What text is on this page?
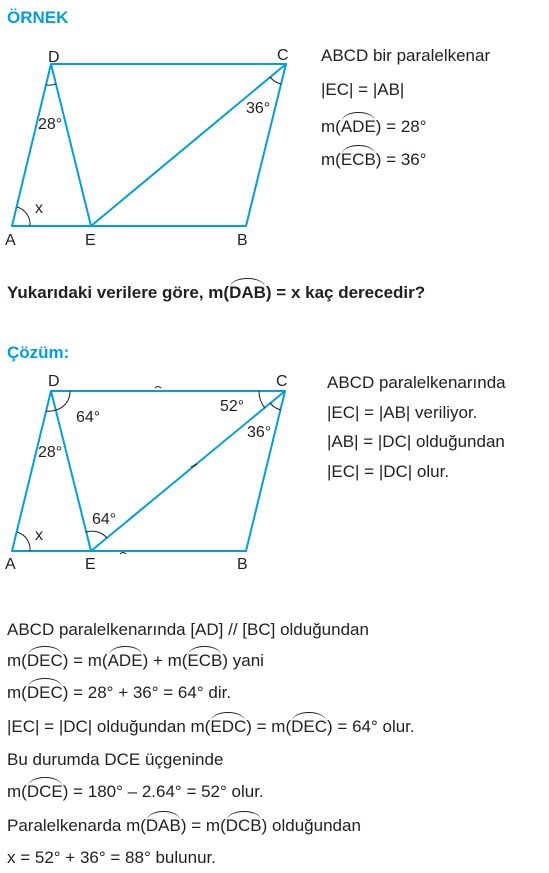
ÖRNEK
D	C
A	E	B
28°
36°
x
ABCD bir paralelkenar
|EC| = |AB|
m(ADE) = 28°
m(ECB) = 36°
Yukarıdaki verilere göre, m(DAB) = x kaç derecedir?
Çözüm:
D	C
A	E	B
64°
28°
52°
36°
64°
x
ABCD paralelkenarında
|EC| = |AB| veriliyor.
|AB| = |DC| olduğundan
|EC| = |DC| olur.
ABCD paralelkenarında [AD] // [BC] olduğundan
m(DEC) = m(ADE) + m(ECB) yani
m(DEC) = 28° + 36° = 64° dir.
|EC| = |DC| olduğundan m(EDC) = m(DEC) = 64° olur.
Bu durumda DCE üçgeninde
m(DCE) = 180° – 2.64° = 52° olur.
Paralelkenarda m(DAB) = m(DCB) olduğundan
x = 52° + 36° = 88° bulunur.
